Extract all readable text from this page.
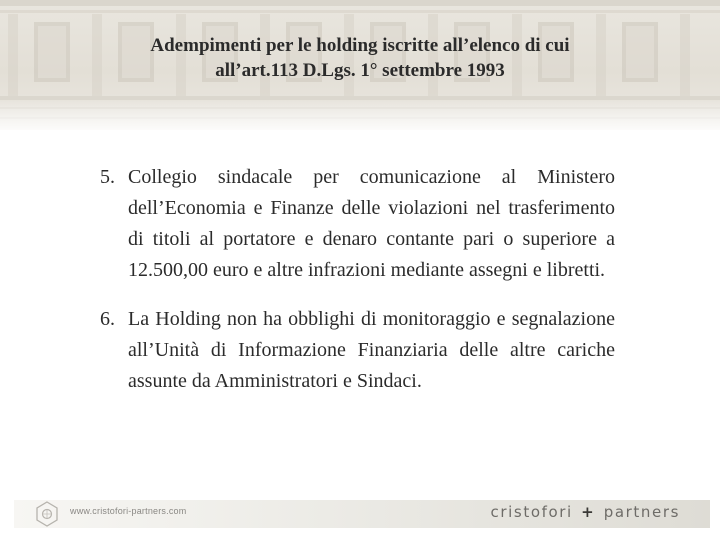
Adempimenti per le holding iscritte all’elenco di cui
all’art.113 D.Lgs. 1° settembre 1993
5. Collegio sindacale per comunicazione al Ministero dell’Economia e Finanze delle violazioni nel trasferimento di titoli al portatore e denaro contante pari o superiore a 12.500,00 euro e altre infrazioni mediante assegni e libretti.
6. La Holding non ha obblighi di monitoraggio e segnalazione all’Unità di Informazione Finanziaria delle altre cariche assunte da Amministratori e Sindaci.
www.cristofori-partners.com	cristofori + partners
